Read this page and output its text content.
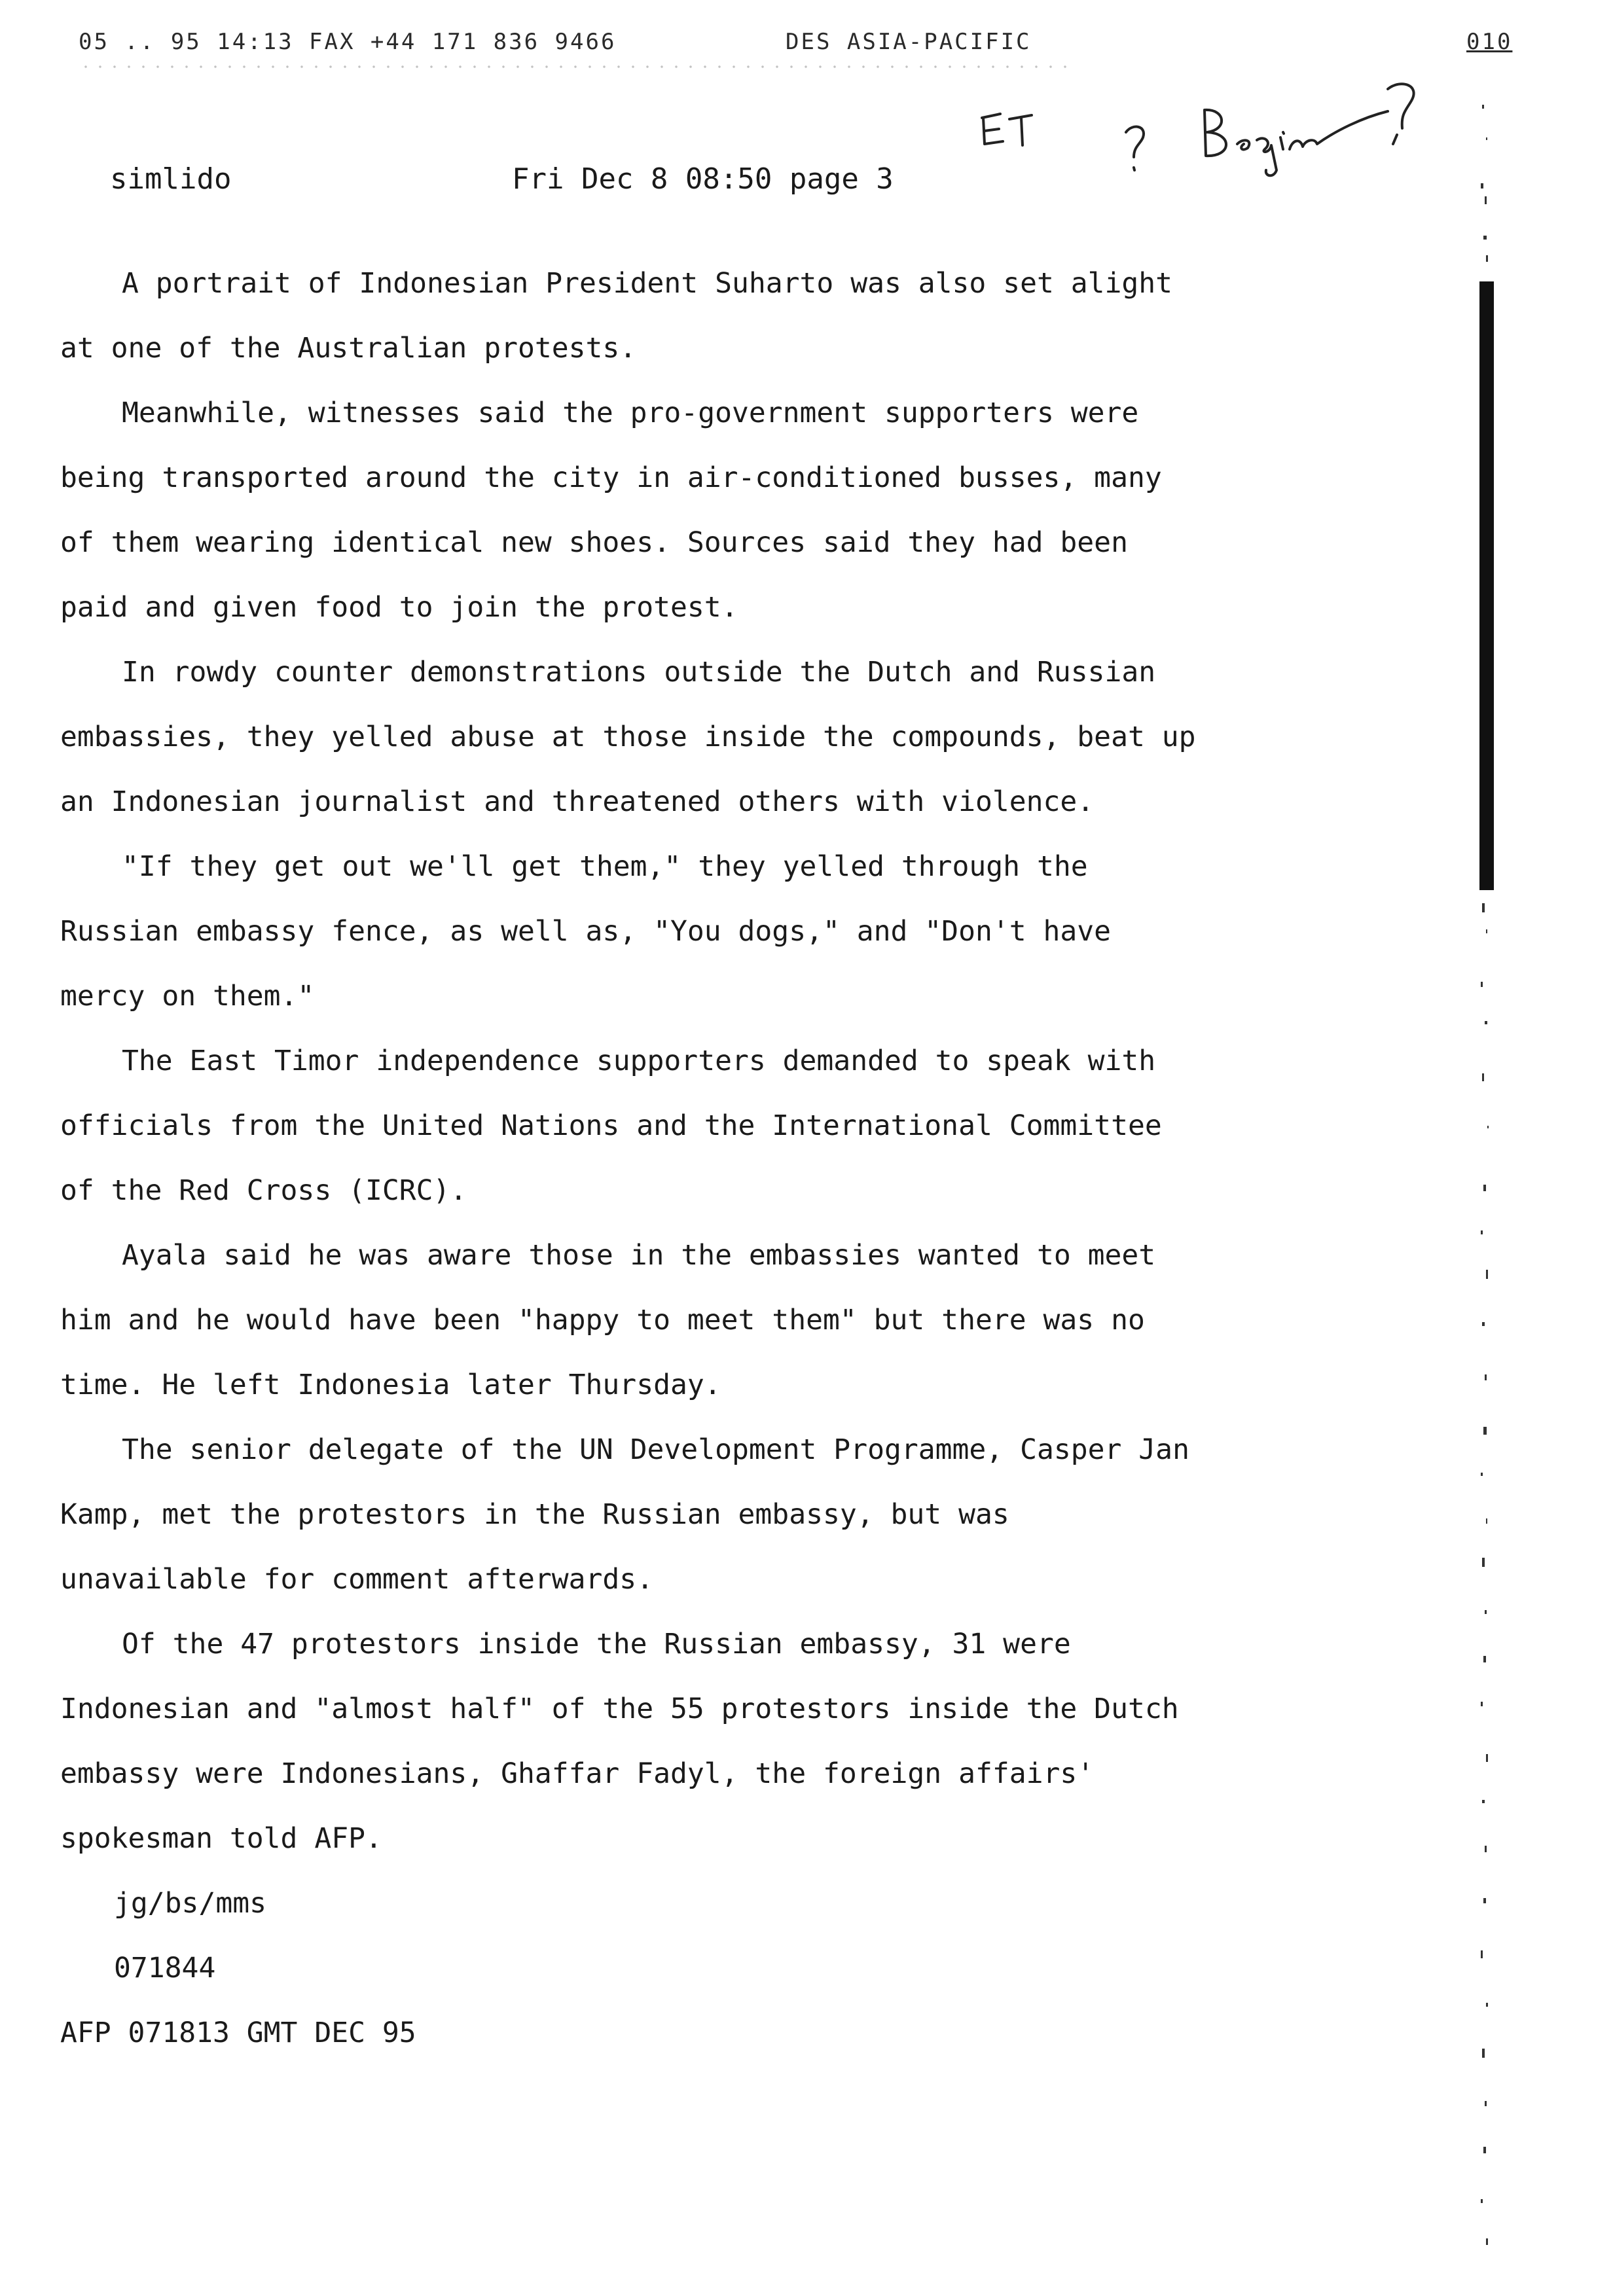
05 .. 95 14:13 FAX +44 171 836 9466	DES ASIA-PACIFIC	010
simlido	Fri Dec 8 08:50 page 3

A portrait of Indonesian President Suharto was also set alight
at one of the Australian protests.

Meanwhile, witnesses said the pro-government supporters were
being transported around the city in air-conditioned busses, many
of them wearing identical new shoes. Sources said they had been
paid and given food to join the protest.

In rowdy counter demonstrations outside the Dutch and Russian
embassies, they yelled abuse at those inside the compounds, beat up
an Indonesian journalist and threatened others with violence.

"If they get out we'll get them," they yelled through the
Russian embassy fence, as well as, "You dogs," and "Don't have
mercy on them."

The East Timor independence supporters demanded to speak with
officials from the United Nations and the International Committee
of the Red Cross (ICRC).

Ayala said he was aware those in the embassies wanted to meet
him and he would have been "happy to meet them" but there was no
time. He left Indonesia later Thursday.

The senior delegate of the UN Development Programme, Casper Jan
Kamp, met the protestors in the Russian embassy, but was
unavailable for comment afterwards.

Of the 47 protestors inside the Russian embassy, 31 were
Indonesian and "almost half" of the 55 protestors inside the Dutch
embassy were Indonesians, Ghaffar Fadyl, the foreign affairs'
spokesman told AFP.

jg/bs/mms

071844

AFP 071813 GMT DEC 95
